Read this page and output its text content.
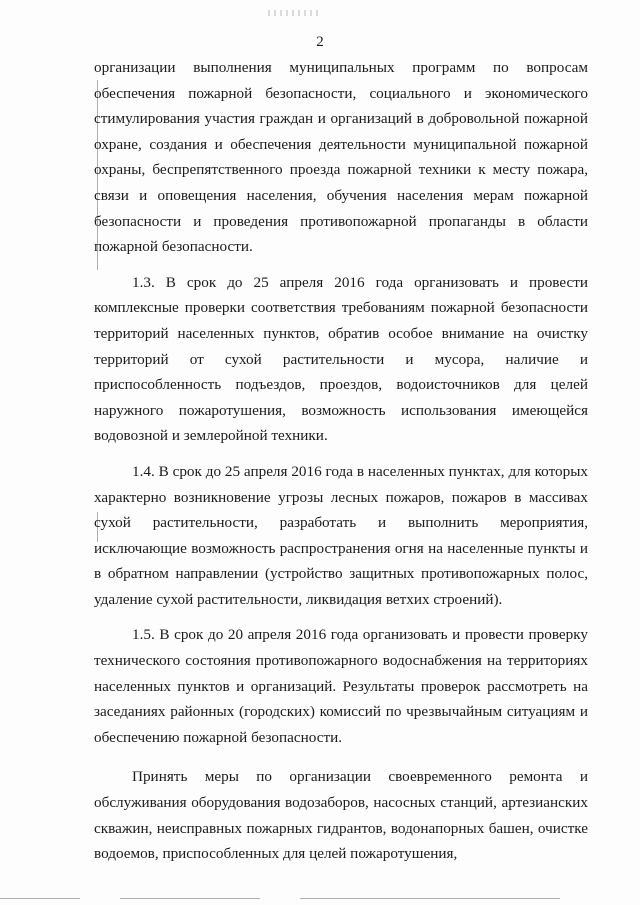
2

организации выполнения муниципальных программ по вопросам обеспечения пожарной безопасности, социального и экономического стимулирования участия граждан и организаций в добровольной пожарной охране, создания и обеспечения деятельности муниципальной пожарной охраны, беспрепятственного проезда пожарной техники к месту пожара, связи и оповещения населения, обучения населения мерам пожарной безопасности и проведения противопожарной пропаганды в области пожарной безопасности.

1.3. В срок до 25 апреля 2016 года организовать и провести комплексные проверки соответствия требованиям пожарной безопасности территорий населенных пунктов, обратив особое внимание на очистку территорий от сухой растительности и мусора, наличие и приспособленность подъездов, проездов, водоисточников для целей наружного пожаротушения, возможность использования имеющейся водовозной и землеройной техники.

1.4. В срок до 25 апреля 2016 года в населенных пунктах, для которых характерно возникновение угрозы лесных пожаров, пожаров в массивах сухой растительности, разработать и выполнить мероприятия, исключающие возможность распространения огня на населенные пункты и в обратном направлении (устройство защитных противопожарных полос, удаление сухой растительности, ликвидация ветхих строений).

1.5. В срок до 20 апреля 2016 года организовать и провести проверку технического состояния противопожарного водоснабжения на территориях населенных пунктов и организаций. Результаты проверок рассмотреть на заседаниях районных (городских) комиссий по чрезвычайным ситуациям и обеспечению пожарной безопасности.

Принять меры по организации своевременного ремонта и обслуживания оборудования водозаборов, насосных станций, артезианских скважин, неисправных пожарных гидрантов, водонапорных башен, очистке водоемов, приспособленных для целей пожаротушения,
